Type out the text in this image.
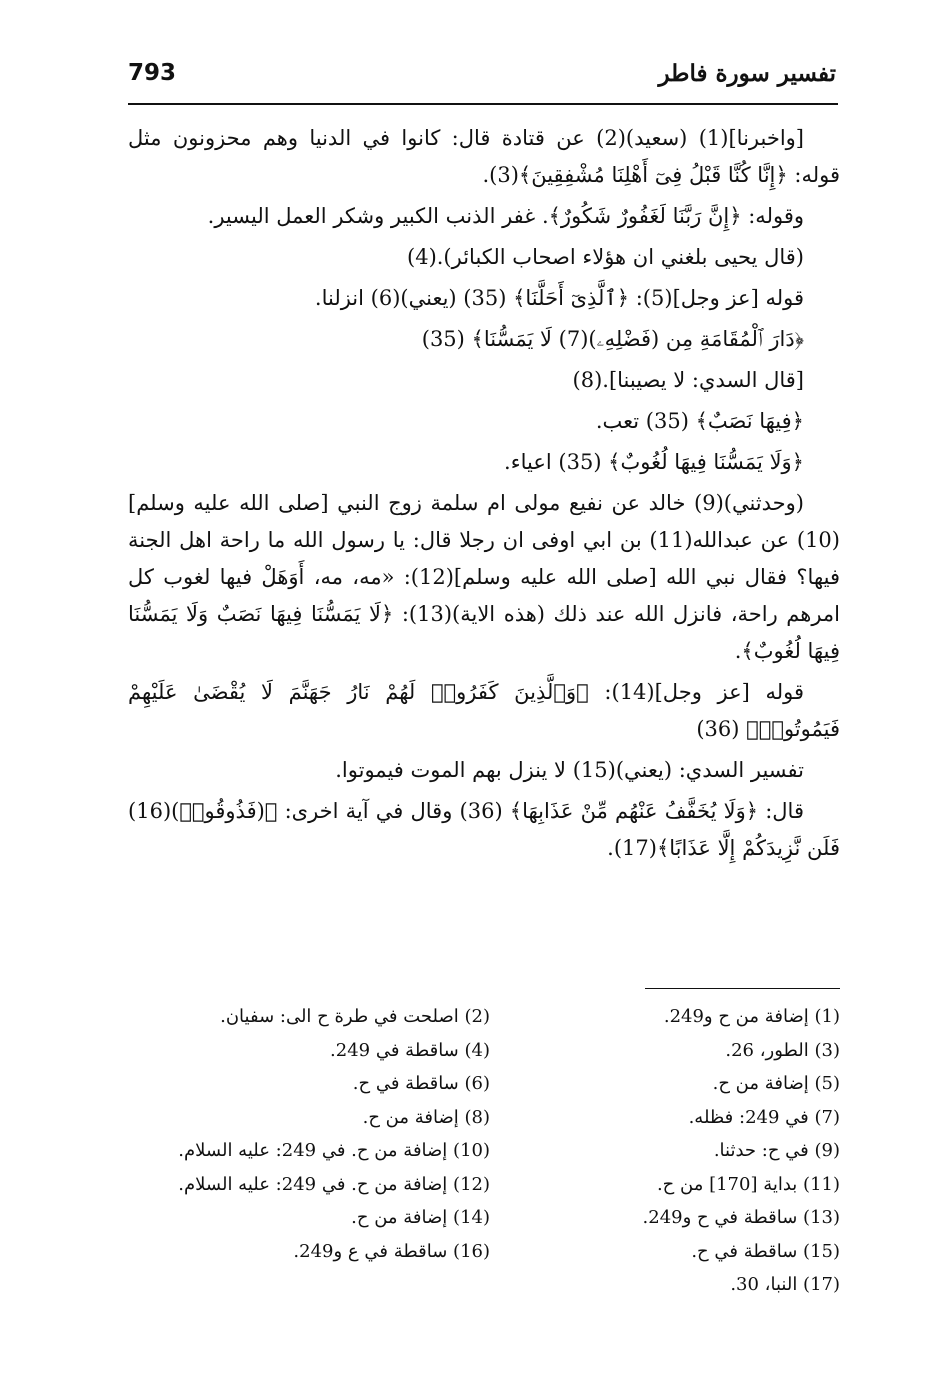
تفسير سورة فاطر
793

[واخبرنا](1) (سعيد)(2) عن قتادة قال: كانوا في الدنيا وهم محزونون مثل قوله: ﴿إِنَّا كُنَّا قَبْلُ فِىٓ أَهْلِنَا مُشْفِقِينَ﴾(3).

وقوله: ﴿إِنَّ رَبَّنَا لَغَفُورٌ شَكُورٌ﴾. غفر الذنب الكبير وشكر العمل اليسير.

(قال يحيى بلغني ان هؤلاء اصحاب الكبائر).(4)

قوله [عز وجل](5): ﴿ٱلَّذِىٓ أَحَلَّنَا﴾ (35) (يعني)(6) انزلنا.

﴿دَارَ ٱلْمُقَامَةِ مِن (فَضْلِهِۦ)(7) لَا يَمَسُّنَا﴾ (35)

[قال السدي: لا يصيبنا].(8)

﴿فِيهَا نَصَبٌ﴾ (35) تعب.

﴿وَلَا يَمَسُّنَا فِيهَا لُغُوبٌ﴾ (35) اعياء.

(وحدثني)(9) خالد عن نفيع مولى ام سلمة زوج النبي [صلى الله عليه وسلم](10) عن عبدالله(11) بن ابي اوفى ان رجلا قال: يا رسول الله ما راحة اهل الجنة فيها؟ فقال نبي الله [صلى الله عليه وسلم](12): «مه، مه، أَوَهَلْ فيها لغوب كل امرهم راحة، فانزل الله عند ذلك (هذه الاية)(13): ﴿لَا يَمَسُّنَا فِيهَا نَصَبٌ وَلَا يَمَسُّنَا فِيهَا لُغُوبٌ﴾.

قوله [عز وجل](14): ﴿وَٱلَّذِينَ كَفَرُوا۟ لَهُمْ نَارُ جَهَنَّمَ لَا يُقْضَىٰ عَلَيْهِمْ فَيَمُوتُوا۟﴾ (36)

تفسير السدي: (يعني)(15) لا ينزل بهم الموت فيموتوا.

قال: ﴿وَلَا يُخَفَّفُ عَنْهُم مِّنْ عَذَابِهَا﴾ (36) وقال في آية اخرى: ﴿(فَذُوقُوا۟)(16) فَلَن نَّزِيدَكُمْ إِلَّا عَذَابًا﴾(17).

(1) إضافة من ح و249.
(3) الطور، 26.
(5) إضافة من ح.
(7) في 249: فظله.
(9) في ح: حدثنا.
(11) بداية [170] من ح.
(13) ساقطة في ح و249.
(15) ساقطة في ح.
(17) النبا، 30.
(2) اصلحت في طرة ح الى: سفيان.
(4) ساقطة في 249.
(6) ساقطة في ح.
(8) إضافة من ح.
(10) إضافة من ح. في 249: عليه السلام.
(12) إضافة من ح. في 249: عليه السلام.
(14) إضافة من ح.
(16) ساقطة في ع و249.
